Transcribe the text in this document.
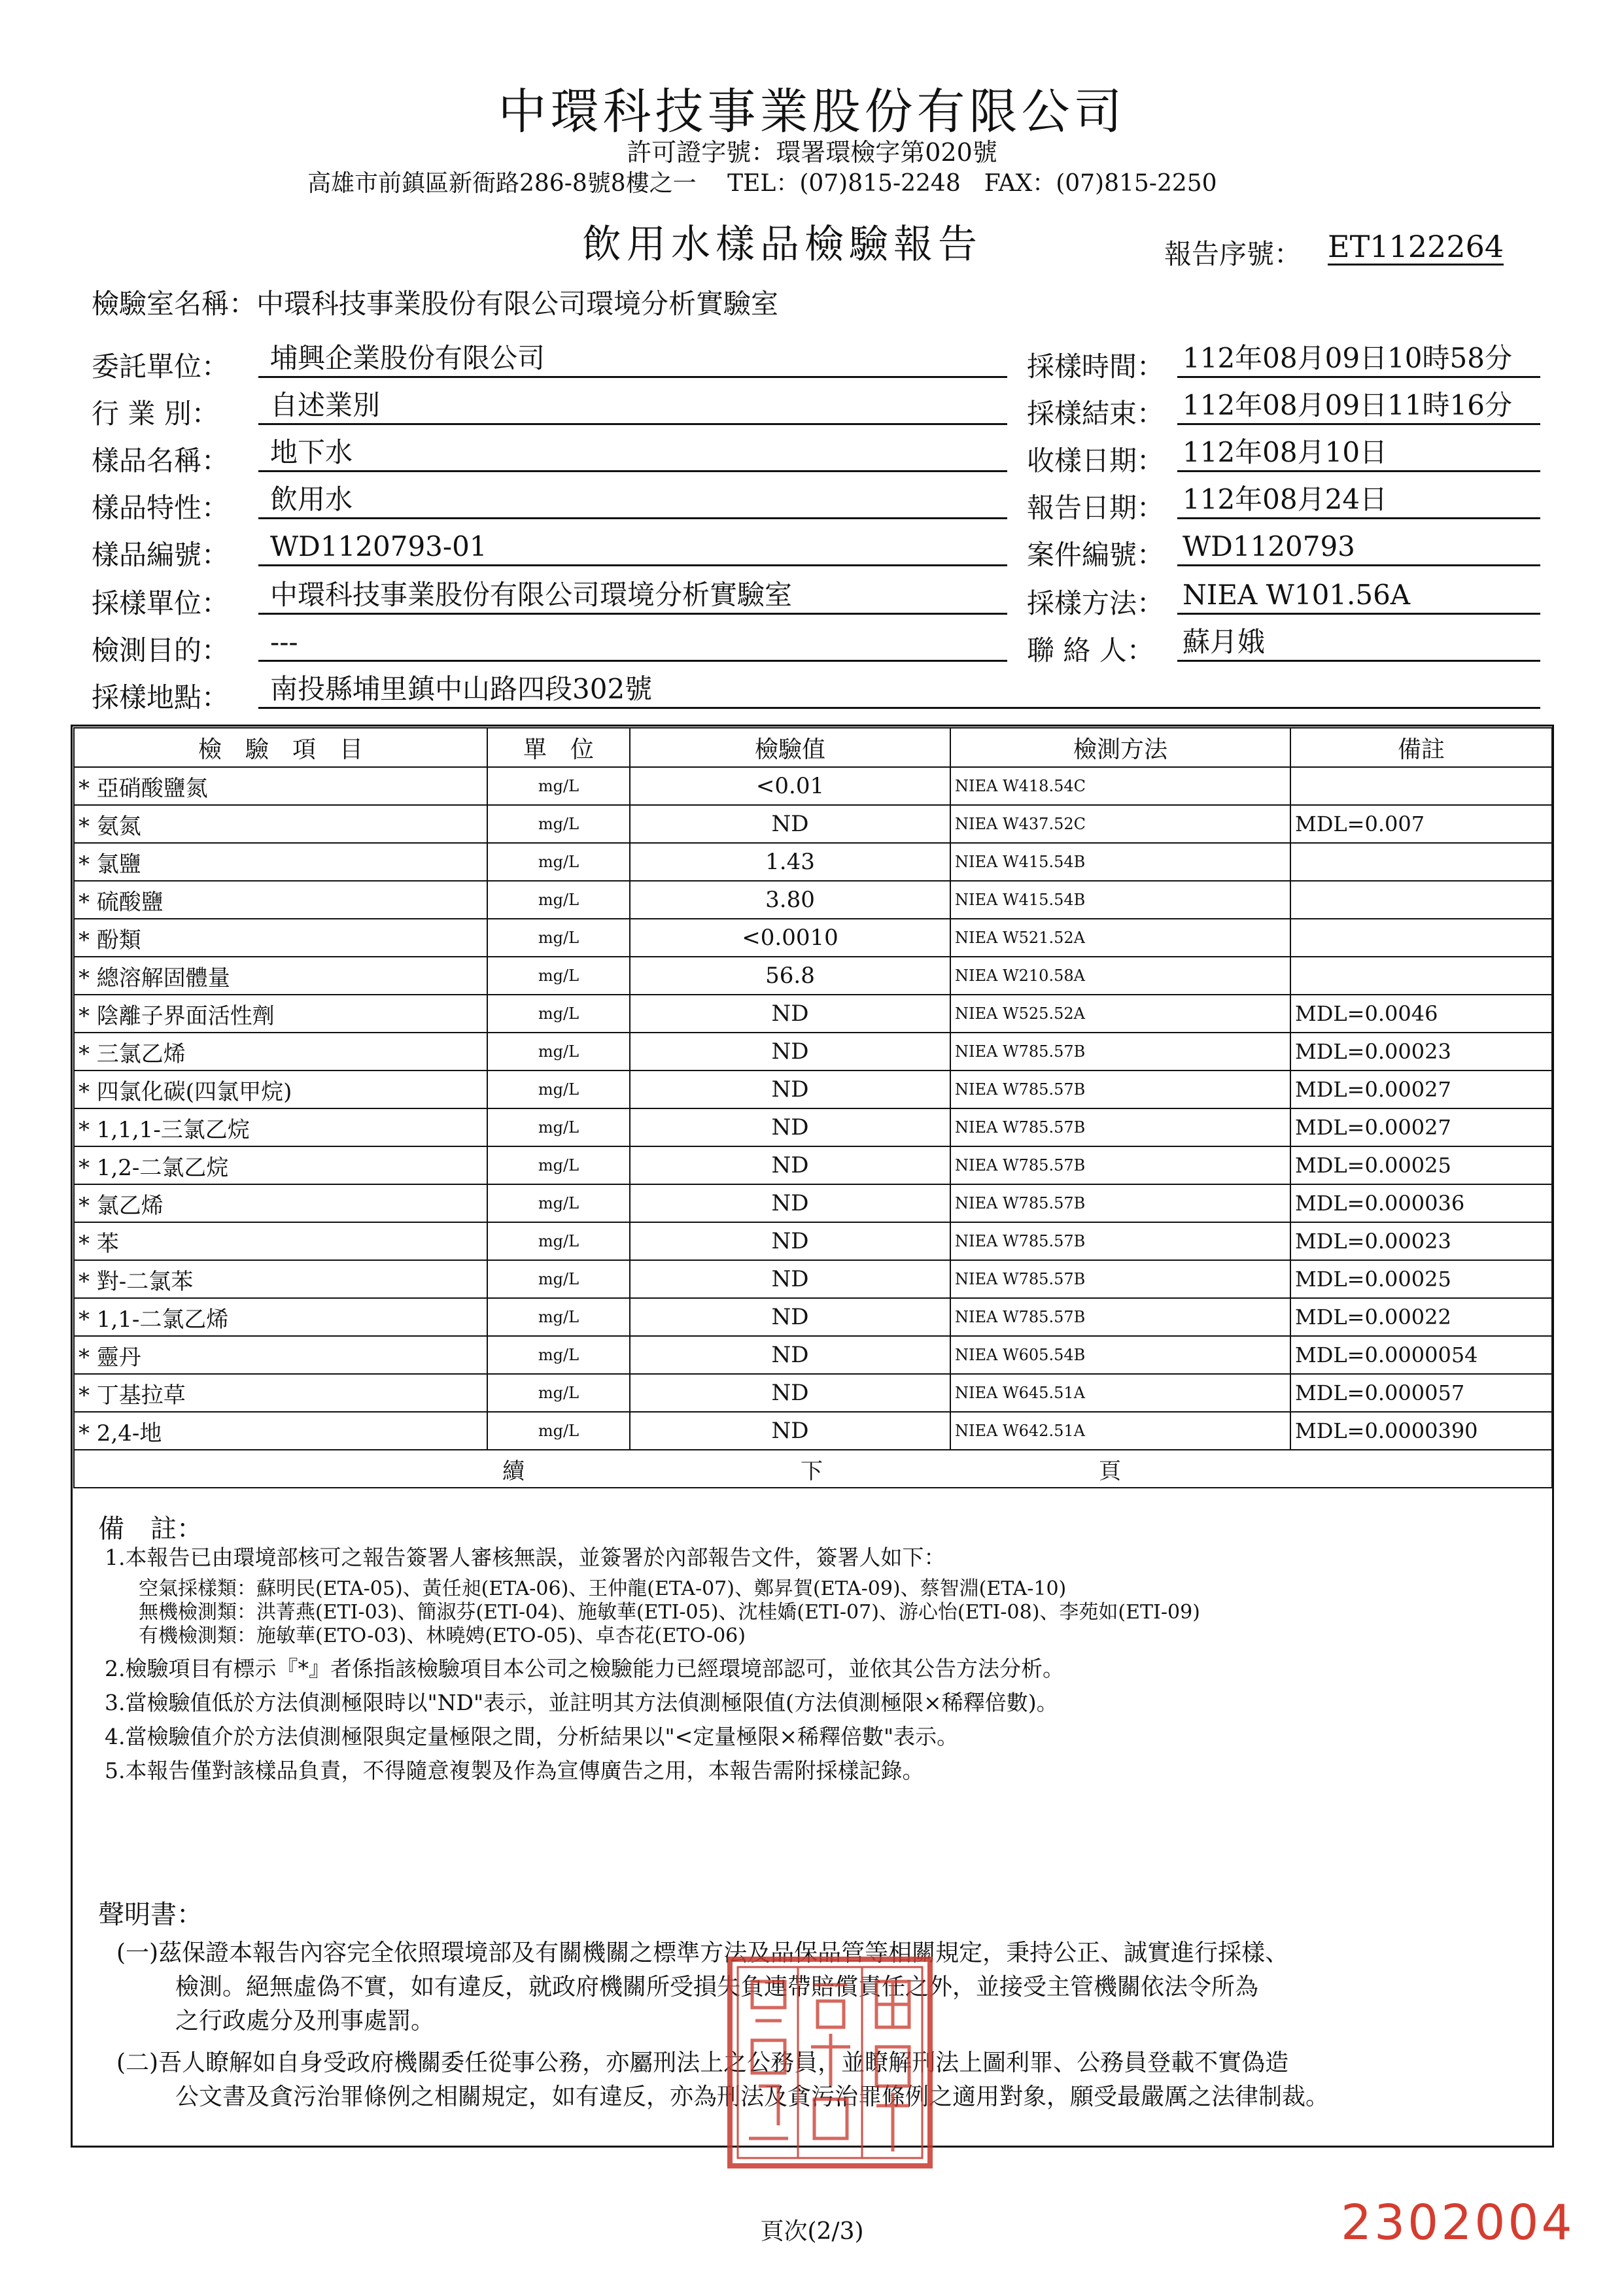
中環科技事業股份有限公司
許可證字號：環署環檢字第020號
高雄市前鎮區新衙路286-8號8樓之一　 TEL：(07)815-2248　FAX：(07)815-2250
飲用水樣品檢驗報告	報告序號： ET1122264
檢驗室名稱：中環科技事業股份有限公司環境分析實驗室
委託單位：	埔興企業股份有限公司
行 業 別：	自述業別
樣品名稱：	地下水
樣品特性：	飲用水
樣品編號：	WD1120793-01
採樣單位：	中環科技事業股份有限公司環境分析實驗室
檢測目的：	---
採樣地點：	南投縣埔里鎮中山路四段302號
採樣時間： 112年08月09日10時58分
採樣結束： 112年08月09日11時16分
收樣日期： 112年08月10日
報告日期： 112年08月24日
案件編號： WD1120793
採樣方法： NIEA W101.56A
聯 絡 人： 蘇月娥
檢　驗　項　目	單　位	檢驗值	檢測方法	備註	
* 亞硝酸鹽氮	mg/L	<0.01	NIEA W418.54C		
* 氨氮	mg/L	ND	NIEA W437.52C	MDL=0.007	
* 氯鹽	mg/L	1.43	NIEA W415.54B		
* 硫酸鹽	mg/L	3.80	NIEA W415.54B		
* 酚類	mg/L	<0.0010	NIEA W521.52A		
* 總溶解固體量	mg/L	56.8	NIEA W210.58A		
* 陰離子界面活性劑	mg/L	ND	NIEA W525.52A	MDL=0.0046	
* 三氯乙烯	mg/L	ND	NIEA W785.57B	MDL=0.00023	
* 四氯化碳(四氯甲烷)	mg/L	ND	NIEA W785.57B	MDL=0.00027	
* 1,1,1-三氯乙烷	mg/L	ND	NIEA W785.57B	MDL=0.00027	
* 1,2-二氯乙烷	mg/L	ND	NIEA W785.57B	MDL=0.00025	
* 氯乙烯	mg/L	ND	NIEA W785.57B	MDL=0.000036	
* 苯	mg/L	ND	NIEA W785.57B	MDL=0.00023	
* 對-二氯苯	mg/L	ND	NIEA W785.57B	MDL=0.00025	
* 1,1-二氯乙烯	mg/L	ND	NIEA W785.57B	MDL=0.00022	
* 靈丹	mg/L	ND	NIEA W605.54B	MDL=0.0000054	
* 丁基拉草	mg/L	ND	NIEA W645.51A	MDL=0.000057	
* 2,4-地	mg/L	ND	NIEA W642.51A	MDL=0.0000390	
續　　　　　　　　　　　下　　　　　　　　　　　頁					
備　註：
1.本報告已由環境部核可之報告簽署人審核無誤，並簽署於內部報告文件，簽署人如下：
空氣採樣類：蘇明民(ETA-05)、黃任昶(ETA-06)、王仲龍(ETA-07)、鄭昇賀(ETA-09)、蔡智淵(ETA-10)
無機檢測類：洪菁燕(ETI-03)、簡淑芬(ETI-04)、施敏華(ETI-05)、沈桂嬌(ETI-07)、游心怡(ETI-08)、李苑如(ETI-09)
有機檢測類：施敏華(ETO-03)、林曉娉(ETO-05)、卓杏花(ETO-06)
2.檢驗項目有標示『*』者係指該檢驗項目本公司之檢驗能力已經環境部認可，並依其公告方法分析。
3.當檢驗值低於方法偵測極限時以"ND"表示，並註明其方法偵測極限值(方法偵測極限×稀釋倍數)。
4.當檢驗值介於方法偵測極限與定量極限之間，分析結果以"<定量極限×稀釋倍數"表示。
5.本報告僅對該樣品負責，不得隨意複製及作為宣傳廣告之用，本報告需附採樣記錄。
聲明書：
(一)茲保證本報告內容完全依照環境部及有關機關之標準方法及品保品管等相關規定，秉持公正、誠實進行採樣、
檢測。絕無虛偽不實，如有違反，就政府機關所受損失負連帶賠償責任之外，並接受主管機關依法令所為
之行政處分及刑事處罰。
(二)吾人瞭解如自身受政府機關委任從事公務，亦屬刑法上之公務員，並瞭解刑法上圖利罪、公務員登載不實偽造
公文書及貪污治罪條例之相關規定，如有違反，亦為刑法及貪污治罪條例之適用對象，願受最嚴厲之法律制裁。
頁次(2/3)	2302004
